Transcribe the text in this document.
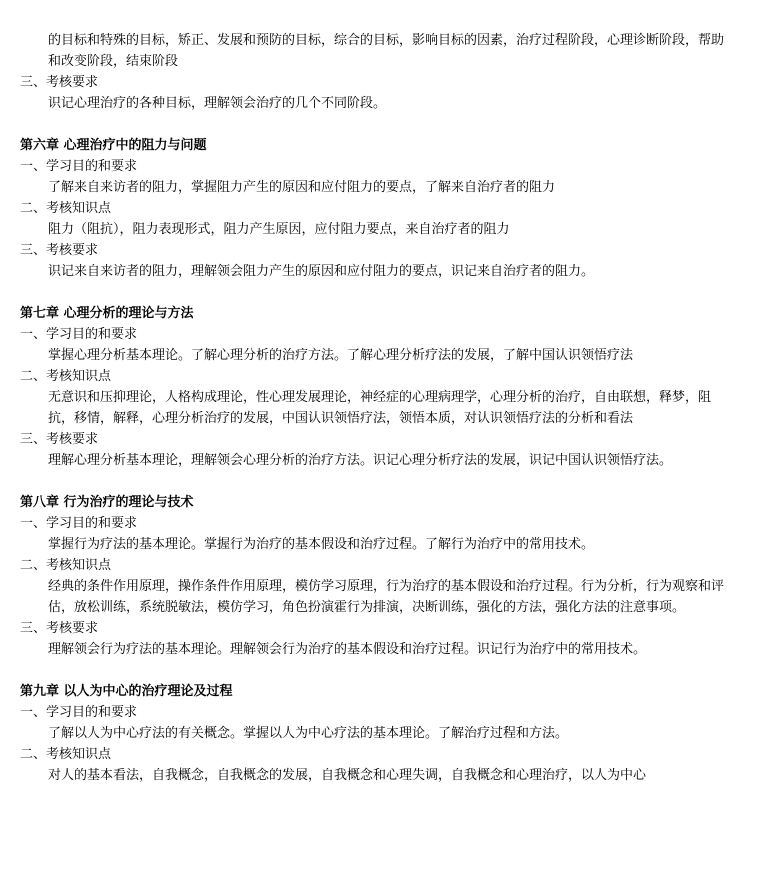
的目标和特殊的目标，矫正、发展和预防的目标，综合的目标，影响目标的因素，治疗过程阶段，心理诊断阶段，帮助和改变阶段，结束阶段

三、考核要求

识记心理治疗的各种目标，理解领会治疗的几个不同阶段。

第六章 心理治疗中的阻力与问题

一、学习目的和要求

了解来自来访者的阻力，掌握阻力产生的原因和应付阻力的要点，了解来自治疗者的阻力

二、考核知识点

阻力（阻抗），阻力表现形式，阻力产生原因，应付阻力要点，来自治疗者的阻力

三、考核要求

识记来自来访者的阻力，理解领会阻力产生的原因和应付阻力的要点，识记来自治疗者的阻力。

第七章 心理分析的理论与方法

一、学习目的和要求

掌握心理分析基本理论。了解心理分析的治疗方法。了解心理分析疗法的发展，了解中国认识领悟疗法

二、考核知识点

无意识和压抑理论，人格构成理论，性心理发展理论，神经症的心理病理学，心理分析的治疗，自由联想，释梦，阻抗，移情，解释，心理分析治疗的发展，中国认识领悟疗法，领悟本质，对认识领悟疗法的分析和看法

三、考核要求

理解心理分析基本理论，理解领会心理分析的治疗方法。识记心理分析疗法的发展，识记中国认识领悟疗法。

第八章 行为治疗的理论与技术

一、学习目的和要求

掌握行为疗法的基本理论。掌握行为治疗的基本假设和治疗过程。了解行为治疗中的常用技术。

二、考核知识点

经典的条件作用原理，操作条件作用原理，模仿学习原理，行为治疗的基本假设和治疗过程。行为分析，行为观察和评估，放松训练，系统脱敏法，模仿学习，角色扮演霍行为排演，决断训练，强化的方法，强化方法的注意事项。

三、考核要求

理解领会行为疗法的基本理论。理解领会行为治疗的基本假设和治疗过程。识记行为治疗中的常用技术。

第九章 以人为中心的治疗理论及过程

一、学习目的和要求

了解以人为中心疗法的有关概念。掌握以人为中心疗法的基本理论。了解治疗过程和方法。

二、考核知识点

对人的基本看法，自我概念，自我概念的发展，自我概念和心理失调，自我概念和心理治疗，以人为中心
